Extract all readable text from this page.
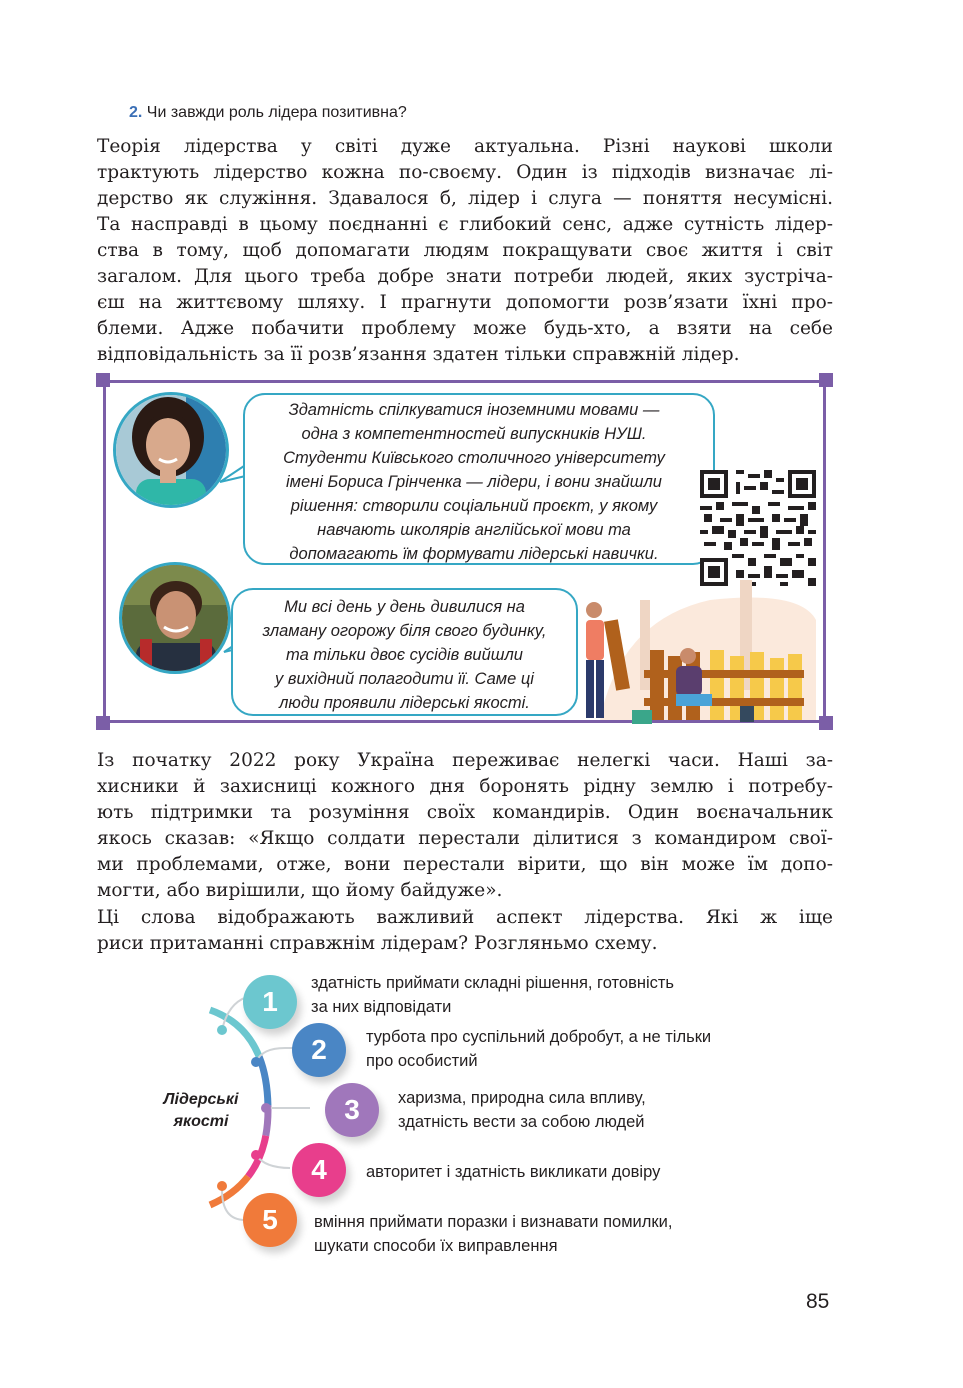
2. Чи завжди роль лідера позитивна?
Теорія лідерства у світі дуже актуальна. Різні наукові школи
трактують лідерство кожна по-своєму. Один із підходів визначає лі-
дерство як служіння. Здавалося б, лідер і слуга — поняття несумісні.
Та насправді в цьому поєднанні є глибокий сенс, адже сутність лідер-
ства в тому, щоб допомагати людям покращувати своє життя і світ
загалом. Для цього треба добре знати потреби людей, яких зустріча-
єш на життєвому шляху. І прагнути допомогти розв’язати їхні про-
блеми. Адже побачити проблему може будь-хто, а взяти на себе
відповідальність за її розв’язання здатен тільки справжній лідер.
Здатність спілкуватися іноземними мовами —
одна з компетентностей випускників НУШ.
Студенти Київського столичного університету
імені Бориса Грінченка — лідери, і вони знайшли
рішення: створили соціальний проєкт, у якому
навчають школярів англійської мови та
допомагають їм формувати лідерські навички.
Ми всі день у день дивилися на
зламану огорожу біля свого будинку,
та тільки двоє сусідів вийшли
у вихідний полагодити її. Саме ці
люди проявили лідерські якості.
Із початку 2022 року Україна переживає нелегкі часи. Наші за-
хисники й захисниці кожного дня боронять рідну землю і потребу-
ють підтримки та розуміння своїх командирів. Один воєначальник
якось сказав: «Якщо солдати перестали ділитися з командиром свої-
ми проблемами, отже, вони перестали вірити, що він може їм допо-
могти, або вирішили, що йому байдуже».
Ці слова відображають важливий аспект лідерства. Які ж іще
риси притаманні справжнім лідерам? Розгляньмо схему.
Лідерські
якості
1
здатність приймати складні рішення, готовність
за них відповідати
2	турбота про суспільний добробут, а не тільки
про особистий
3	харизма, природна сила впливу,
здатність вести за собою людей
4	авторитет і здатність викликати довіру
5	вміння приймати поразки і визнавати помилки,
шукати способи їх виправлення
85
